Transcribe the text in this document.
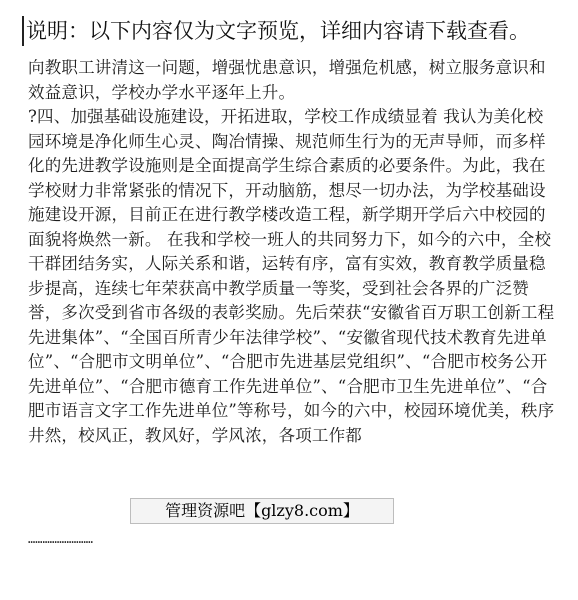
说明：以下内容仅为文字预览，详细内容请下载查看。

向教职工讲清这一问题，增强忧患意识，增强危机感，树立服务意识和效益意识，学校办学水平逐年上升。

?四、加强基础设施建设，开拓进取，学校工作成绩显着 我认为美化校园环境是净化师生心灵、陶冶情操、规范师生行为的无声导师，而多样化的先进教学设施则是全面提高学生综合素质的必要条件。为此，我在学校财力非常紧张的情况下，开动脑筋，想尽一切办法，为学校基础设施建设开源，目前正在进行教学楼改造工程，新学期开学后六中校园的面貌将焕然一新。 在我和学校一班人的共同努力下，如今的六中，全校干群团结务实，人际关系和谐，运转有序，富有实效，教育教学质量稳步提高，连续七年荣获高中教学质量一等奖，受到社会各界的广泛赞誉，多次受到省市各级的表彰奖励。先后荣获“安徽省百万职工创新工程先进集体”、“全国百所青少年法律学校”、“安徽省现代技术教育先进单位”、“合肥市文明单位”、“合肥市先进基层党组织”、“合肥市校务公开先进单位”、“合肥市德育工作先进单位”、“合肥市卫生先进单位”、“合肥市语言文字工作先进单位”等称号，如今的六中，校园环境优美，秩序井然，校风正，教风好，学风浓，各项工作都

管理资源吧【glzy8.com】
………………………
